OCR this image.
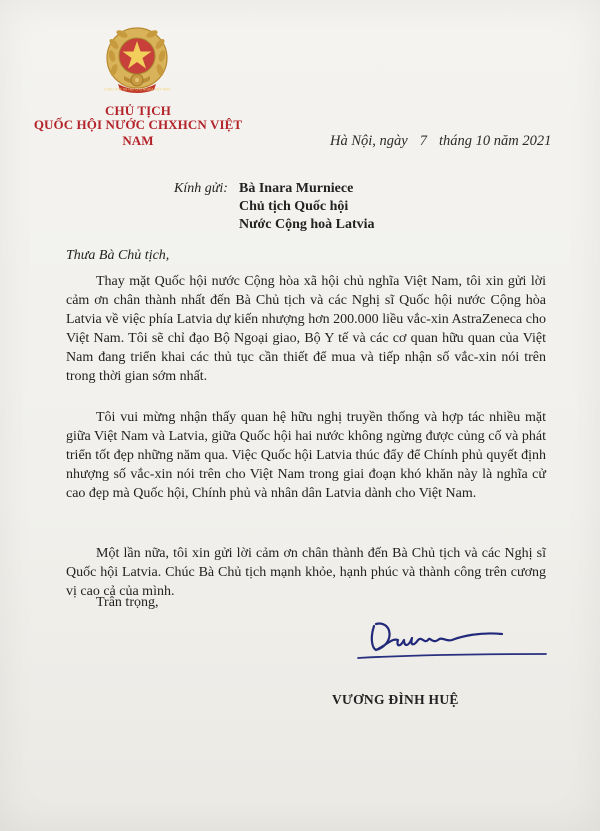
CỘNG HÒA XÃ HỘI CHỦ NGHĨA VIỆT NAM
CHỦ TỊCH
QUỐC HỘI NƯỚC CHXHCN VIỆT NAM	Hà Nội, ngày 7 tháng 10 năm 2021
Kính gửi: Bà Inara Murniece
Chủ tịch Quốc hội
Nước Cộng hoà Latvia
Thưa Bà Chủ tịch,
Thay mặt Quốc hội nước Cộng hòa xã hội chủ nghĩa Việt Nam, tôi xin gửi lời cảm ơn chân thành nhất đến Bà Chủ tịch và các Nghị sĩ Quốc hội nước Cộng hòa Latvia về việc phía Latvia dự kiến nhượng hơn 200.000 liều vắc-xin AstraZeneca cho Việt Nam. Tôi sẽ chỉ đạo Bộ Ngoại giao, Bộ Y tế và các cơ quan hữu quan của Việt Nam đang triển khai các thủ tục cần thiết để mua và tiếp nhận số vắc-xin nói trên trong thời gian sớm nhất.
Tôi vui mừng nhận thấy quan hệ hữu nghị truyền thống và hợp tác nhiều mặt giữa Việt Nam và Latvia, giữa Quốc hội hai nước không ngừng được củng cố và phát triển tốt đẹp những năm qua. Việc Quốc hội Latvia thúc đẩy để Chính phủ quyết định nhượng số vắc-xin nói trên cho Việt Nam trong giai đoạn khó khăn này là nghĩa cử cao đẹp mà Quốc hội, Chính phủ và nhân dân Latvia dành cho Việt Nam.
Một lần nữa, tôi xin gửi lời cảm ơn chân thành đến Bà Chủ tịch và các Nghị sĩ Quốc hội Latvia. Chúc Bà Chủ tịch mạnh khỏe, hạnh phúc và thành công trên cương vị cao cả của mình.
Trân trọng,
VƯƠNG ĐÌNH HUỆ
